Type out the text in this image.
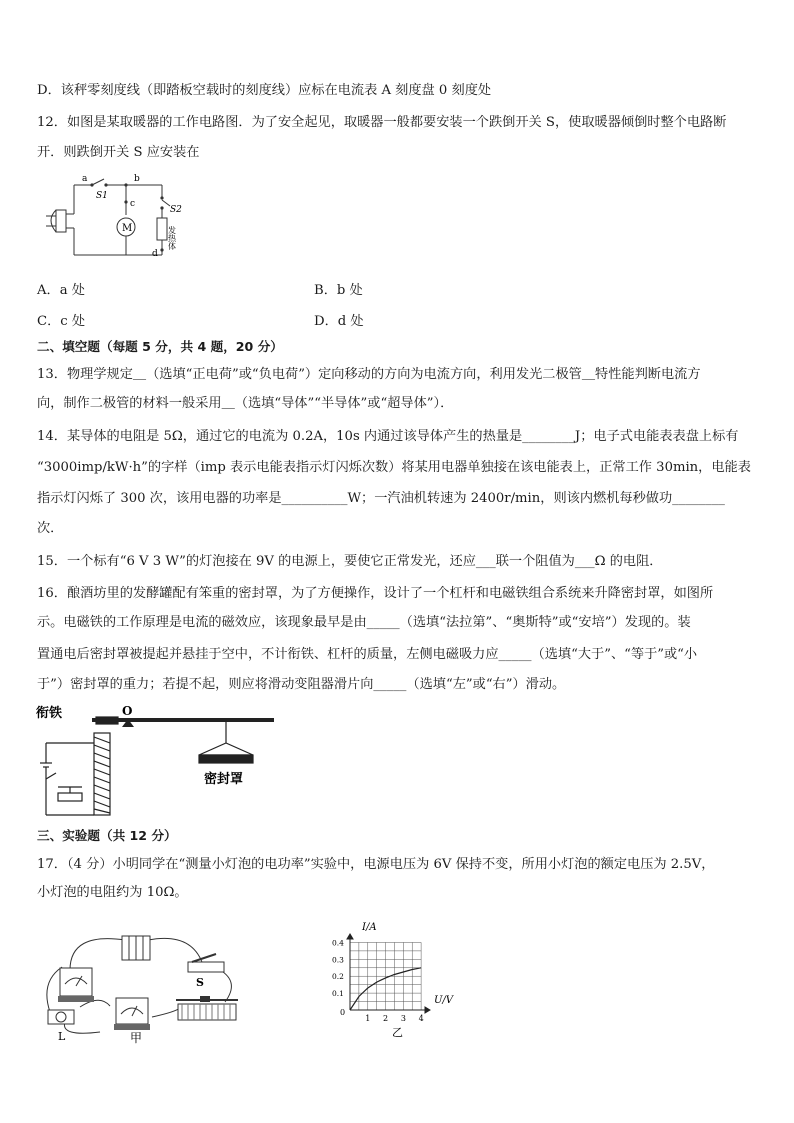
D．该秤零刻度线（即踏板空载时的刻度线）应标在电流表 A 刻度盘 0 刻度处
12．如图是某取暖器的工作电路图．为了安全起见，取暖器一般都要安装一个跌倒开关 S，使取暖器倾倒时整个电路断
开．则跌倒开关 S 应安装在
a	b
c
d
S1
S2
M	发热体
A．a 处	B．b 处
C．c 处	D．d 处
二、填空题（每题 5 分，共 4 题，20 分）
13．物理学规定＿（选填“正电荷”或“负电荷”）定向移动的方向为电流方向，利用发光二极管＿特性能判断电流方
向，制作二极管的材料一般采用＿（选填“导体”“半导体”或“超导体”）．
14．某导体的电阻是 5Ω，通过它的电流为 0.2A，10s 内通过该导体产生的热量是________J；电子式电能表表盘上标有
“3000imp/kW·h”的字样（imp 表示电能表指示灯闪烁次数）将某用电器单独接在该电能表上，正常工作 30min，电能表
指示灯闪烁了 300 次，该用电器的功率是__________W；一汽油机转速为 2400r/min，则该内燃机每秒做功________
次．
15．一个标有“6 V 3 W”的灯泡接在 9V 的电源上，要使它正常发光，还应___联一个阻值为___Ω 的电阻．
16．酿酒坊里的发酵罐配有笨重的密封罩，为了方便操作，设计了一个杠杆和电磁铁组合系统来升降密封罩，如图所
示。电磁铁的工作原理是电流的磁效应，该现象最早是由_____（选填“法拉第”、“奥斯特”或“安培”）发现的。装
置通电后密封罩被提起并悬挂于空中，不计衔铁、杠杆的质量，左侧电磁吸力应_____（选填“大于”、“等于”或“小
于”）密封罩的重力；若提不起，则应将滑动变阻器滑片向_____（选填“左”或“右”）滑动。
衔铁	O
密封罩
三、实验题（共 12 分）
17．（4 分）小明同学在“测量小灯泡的电功率”实验中，电源电压为 6V 保持不变，所用小灯泡的额定电压为 2.5V，
小灯泡的电阻约为 10Ω。
L
S
甲
0.4
0.3
0.2
0.1
1 2 3 4
I/A
U/V
0
乙
